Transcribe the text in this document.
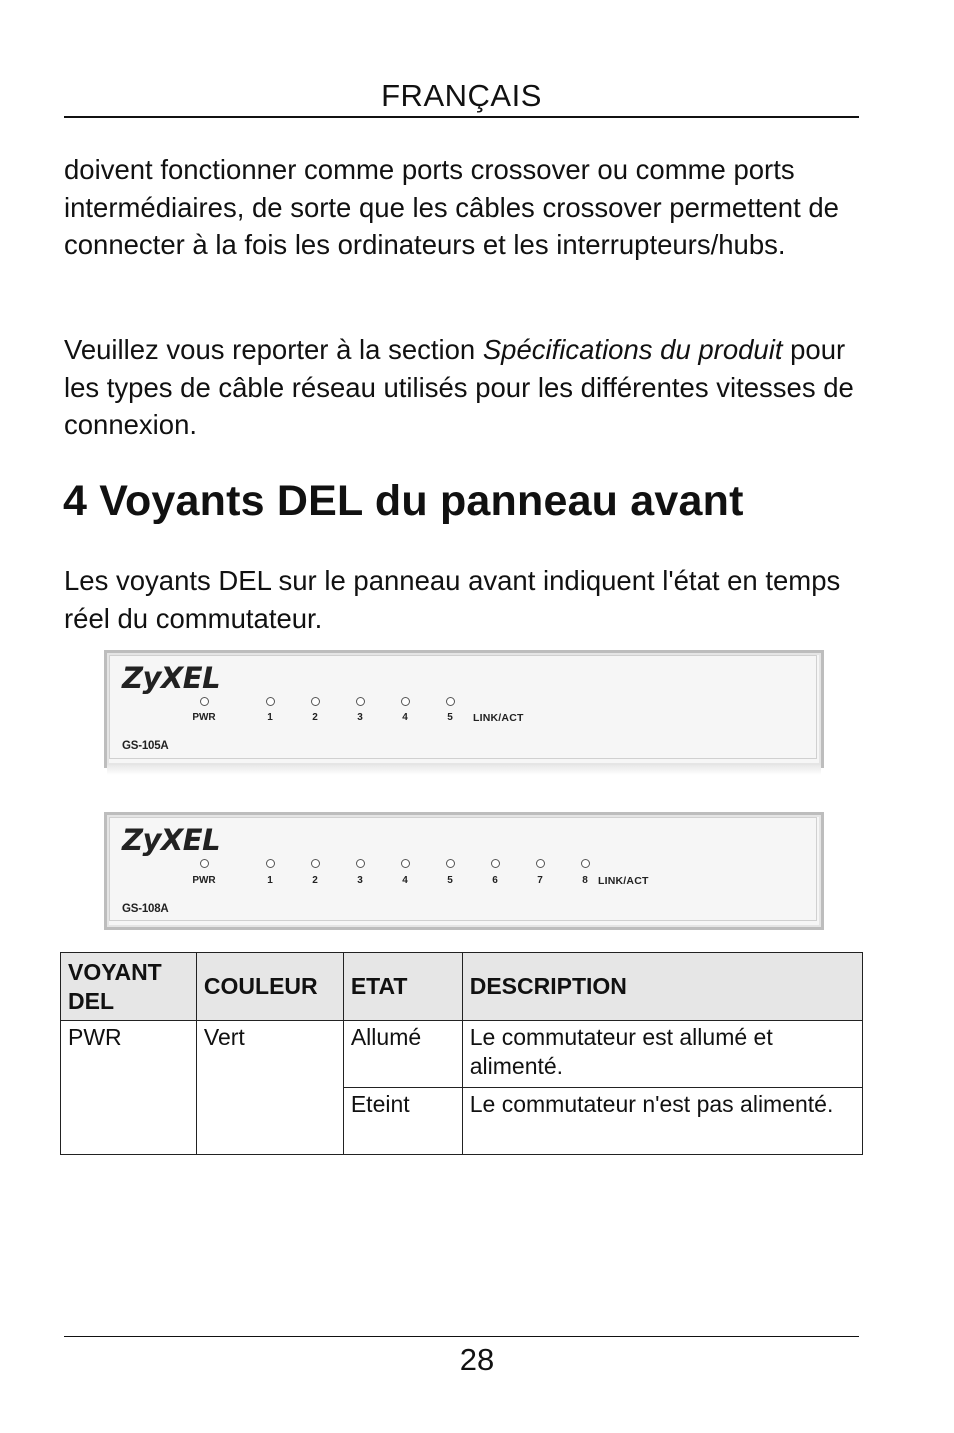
FRANÇAIS

doivent fonctionner comme ports crossover ou comme ports intermédiaires, de sorte que les câbles crossover permettent de connecter à la fois les ordinateurs et les interrupteurs/hubs.

Veuillez vous reporter à la section Spécifications du produit pour les types de câble réseau utilisés pour les différentes vitesses de connexion.

4 Voyants DEL du panneau avant

Les voyants DEL sur le panneau avant indiquent l'état en temps réel du commutateur.

ZyXEL
PWR	1	2	3	4	5 LINK/ACT
GS-105A
ZyXEL
PWR	1	2	3	4	5	6	7	8 LINK/ACT
GS-108A
VOYANT DEL	COULEUR	ETAT	DESCRIPTION
PWR	Vert	Allumé	Le commutateur est allumé et alimenté.
		Eteint	Le commutateur n'est pas alimenté.
28
